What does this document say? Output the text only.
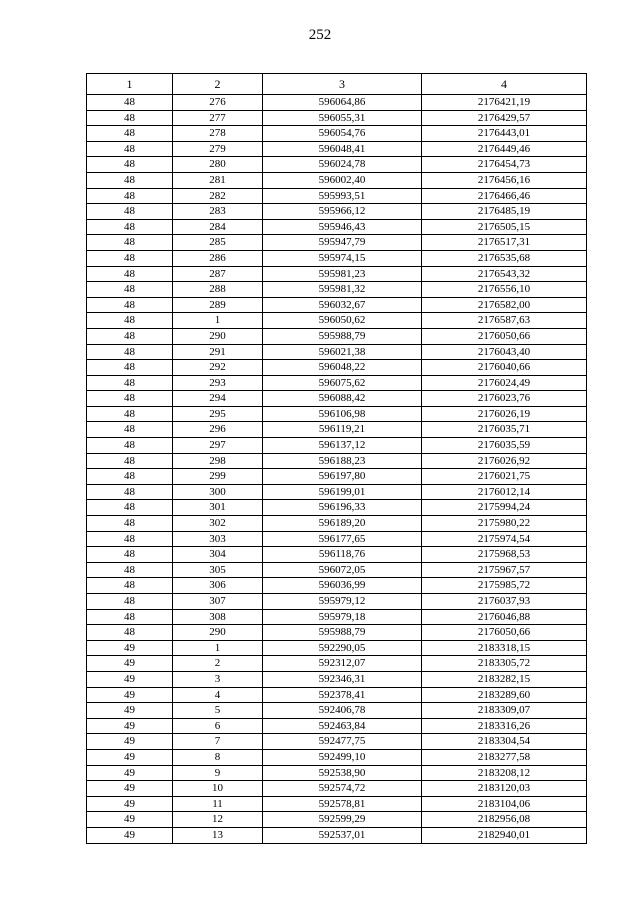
252
1	2	3	4
48	276	596064,86	2176421,19
48	277	596055,31	2176429,57
48	278	596054,76	2176443,01
48	279	596048,41	2176449,46
48	280	596024,78	2176454,73
48	281	596002,40	2176456,16
48	282	595993,51	2176466,46
48	283	595966,12	2176485,19
48	284	595946,43	2176505,15
48	285	595947,79	2176517,31
48	286	595974,15	2176535,68
48	287	595981,23	2176543,32
48	288	595981,32	2176556,10
48	289	596032,67	2176582,00
48	1	596050,62	2176587,63
48	290	595988,79	2176050,66
48	291	596021,38	2176043,40
48	292	596048,22	2176040,66
48	293	596075,62	2176024,49
48	294	596088,42	2176023,76
48	295	596106,98	2176026,19
48	296	596119,21	2176035,71
48	297	596137,12	2176035,59
48	298	596188,23	2176026,92
48	299	596197,80	2176021,75
48	300	596199,01	2176012,14
48	301	596196,33	2175994,24
48	302	596189,20	2175980,22
48	303	596177,65	2175974,54
48	304	596118,76	2175968,53
48	305	596072,05	2175967,57
48	306	596036,99	2175985,72
48	307	595979,12	2176037,93
48	308	595979,18	2176046,88
48	290	595988,79	2176050,66
49	1	592290,05	2183318,15
49	2	592312,07	2183305,72
49	3	592346,31	2183282,15
49	4	592378,41	2183289,60
49	5	592406,78	2183309,07
49	6	592463,84	2183316,26
49	7	592477,75	2183304,54
49	8	592499,10	2183277,58
49	9	592538,90	2183208,12
49	10	592574,72	2183120,03
49	11	592578,81	2183104,06
49	12	592599,29	2182956,08
49	13	592537,01	2182940,01
